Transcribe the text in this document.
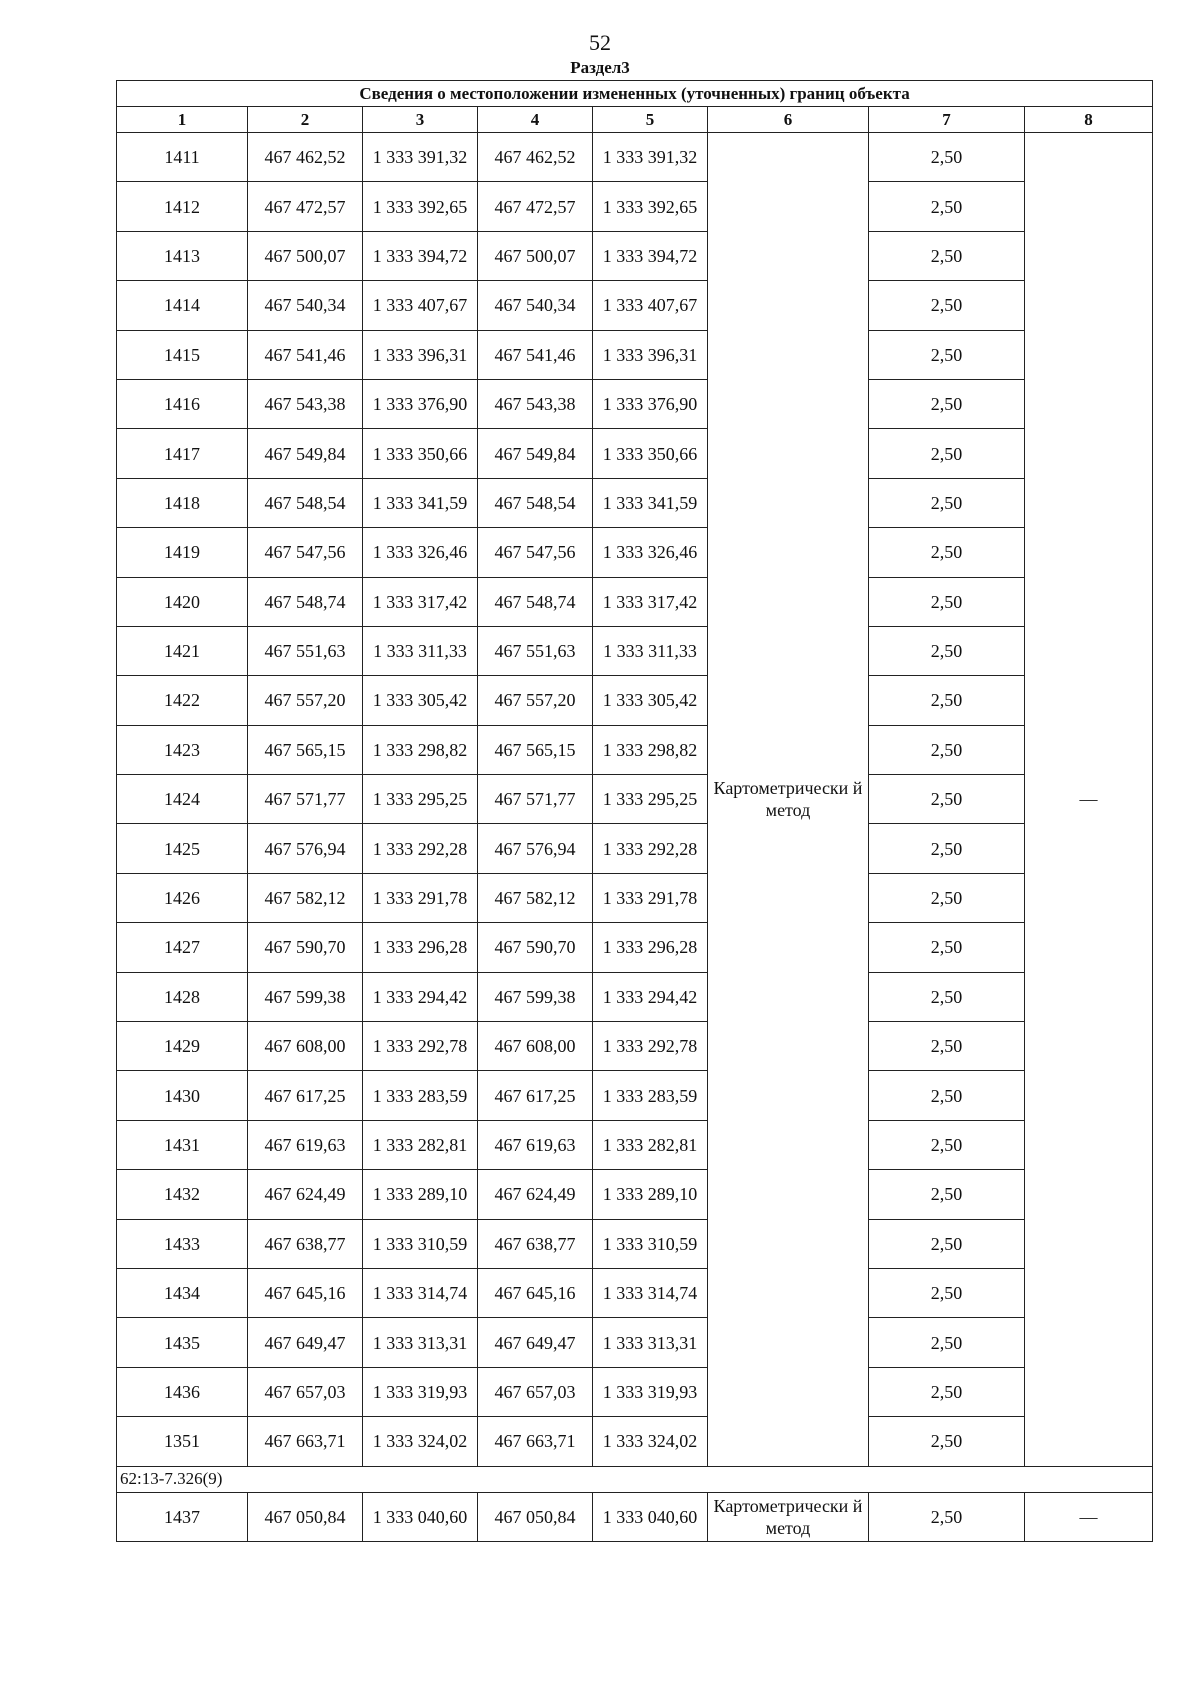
52
Раздел3
Сведения о местоположении измененных (уточненных) границ объекта							
1	2	3	4	5	6	7	8
1411	467 462,52	1 333 391,32	467 462,52	1 333 391,32	Картометрически й метод	2,50	—
1412	467 472,57	1 333 392,65	467 472,57	1 333 392,65		2,50	
1413	467 500,07	1 333 394,72	467 500,07	1 333 394,72		2,50	
1414	467 540,34	1 333 407,67	467 540,34	1 333 407,67		2,50	
1415	467 541,46	1 333 396,31	467 541,46	1 333 396,31		2,50	
1416	467 543,38	1 333 376,90	467 543,38	1 333 376,90		2,50	
1417	467 549,84	1 333 350,66	467 549,84	1 333 350,66		2,50	
1418	467 548,54	1 333 341,59	467 548,54	1 333 341,59		2,50	
1419	467 547,56	1 333 326,46	467 547,56	1 333 326,46		2,50	
1420	467 548,74	1 333 317,42	467 548,74	1 333 317,42		2,50	
1421	467 551,63	1 333 311,33	467 551,63	1 333 311,33		2,50	
1422	467 557,20	1 333 305,42	467 557,20	1 333 305,42		2,50	
1423	467 565,15	1 333 298,82	467 565,15	1 333 298,82		2,50	
1424	467 571,77	1 333 295,25	467 571,77	1 333 295,25		2,50	
1425	467 576,94	1 333 292,28	467 576,94	1 333 292,28		2,50	
1426	467 582,12	1 333 291,78	467 582,12	1 333 291,78		2,50	
1427	467 590,70	1 333 296,28	467 590,70	1 333 296,28		2,50	
1428	467 599,38	1 333 294,42	467 599,38	1 333 294,42		2,50	
1429	467 608,00	1 333 292,78	467 608,00	1 333 292,78		2,50	
1430	467 617,25	1 333 283,59	467 617,25	1 333 283,59		2,50	
1431	467 619,63	1 333 282,81	467 619,63	1 333 282,81		2,50	
1432	467 624,49	1 333 289,10	467 624,49	1 333 289,10		2,50	
1433	467 638,77	1 333 310,59	467 638,77	1 333 310,59		2,50	
1434	467 645,16	1 333 314,74	467 645,16	1 333 314,74		2,50	
1435	467 649,47	1 333 313,31	467 649,47	1 333 313,31		2,50	
1436	467 657,03	1 333 319,93	467 657,03	1 333 319,93		2,50	
1351	467 663,71	1 333 324,02	467 663,71	1 333 324,02		2,50	
62:13-7.326(9)							
1437	467 050,84	1 333 040,60	467 050,84	1 333 040,60	Картометрически й метод	2,50	—
